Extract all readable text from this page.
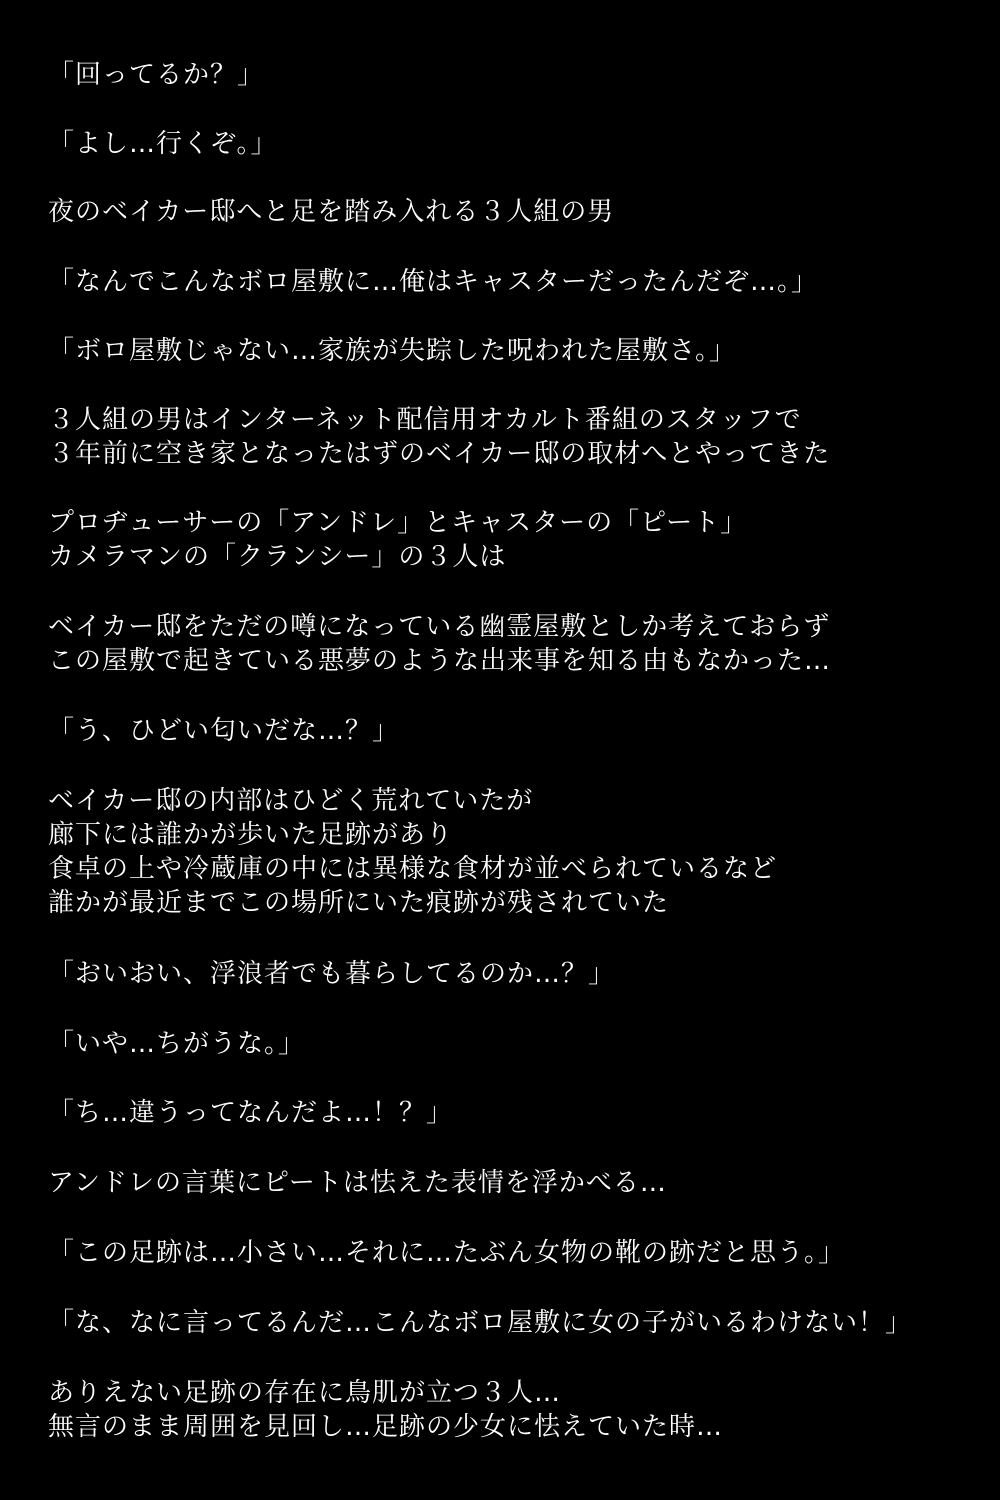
「回ってるか？」
「よし…行くぞ。」
夜のベイカー邸へと足を踏み入れる３人組の男
「なんでこんなボロ屋敷に…俺はキャスターだったんだぞ…。」
「ボロ屋敷じゃない…家族が失踪した呪われた屋敷さ。」
３人組の男はインターネット配信用オカルト番組のスタッフで
３年前に空き家となったはずのベイカー邸の取材へとやってきた
プロヂューサーの「アンドレ」とキャスターの「ピート」
カメラマンの「クランシー」の３人は
ベイカー邸をただの噂になっている幽霊屋敷としか考えておらず
この屋敷で起きている悪夢のような出来事を知る由もなかった…
「う、ひどい匂いだな…？」
ベイカー邸の内部はひどく荒れていたが
廊下には誰かが歩いた足跡があり
食卓の上や冷蔵庫の中には異様な食材が並べられているなど
誰かが最近までこの場所にいた痕跡が残されていた
「おいおい、浮浪者でも暮らしてるのか…？」
「いや…ちがうな。」
「ち…違うってなんだよ…！？」
アンドレの言葉にピートは怯えた表情を浮かべる…
「この足跡は…小さい…それに…たぶん女物の靴の跡だと思う。」
「な、なに言ってるんだ…こんなボロ屋敷に女の子がいるわけない！」
ありえない足跡の存在に鳥肌が立つ３人…
無言のまま周囲を見回し…足跡の少女に怯えていた時…
